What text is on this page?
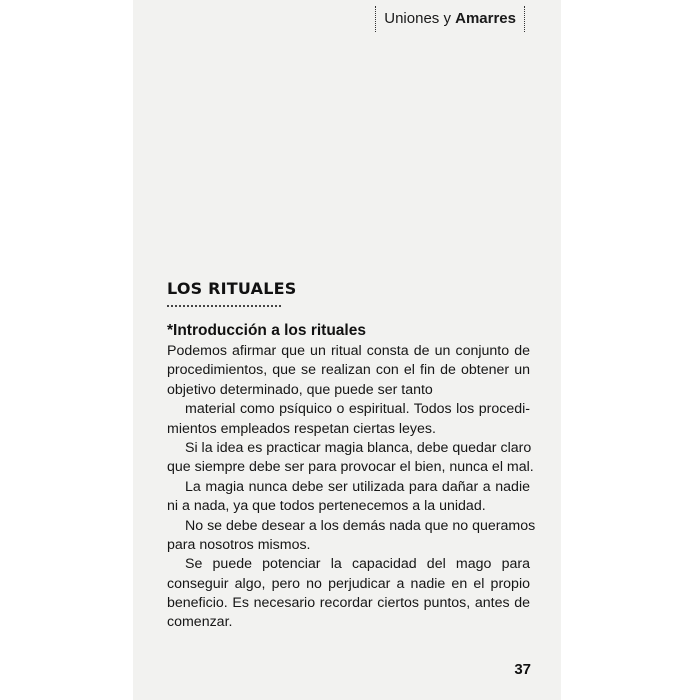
Uniones y Amarres
LOS RITUALES
*Introducción a los rituales
Podemos afirmar que un ritual consta de un conjunto de
procedimientos, que se realizan con el fin de obtener un
objetivo determinado, que puede ser tanto
material como psíquico o espiritual. Todos los procedi-
mientos empleados respetan ciertas leyes.
Si la idea es practicar magia blanca, debe quedar claro
que siempre debe ser para provocar el bien, nunca el mal.
La magia nunca debe ser utilizada para dañar a nadie
ni a nada, ya que todos pertenecemos a la unidad.
No se debe desear a los demás nada que no queramos
para nosotros mismos.
Se puede potenciar la capacidad del mago para
conseguir algo, pero no perjudicar a nadie en el propio
beneficio. Es necesario recordar ciertos puntos, antes de
comenzar.
37
